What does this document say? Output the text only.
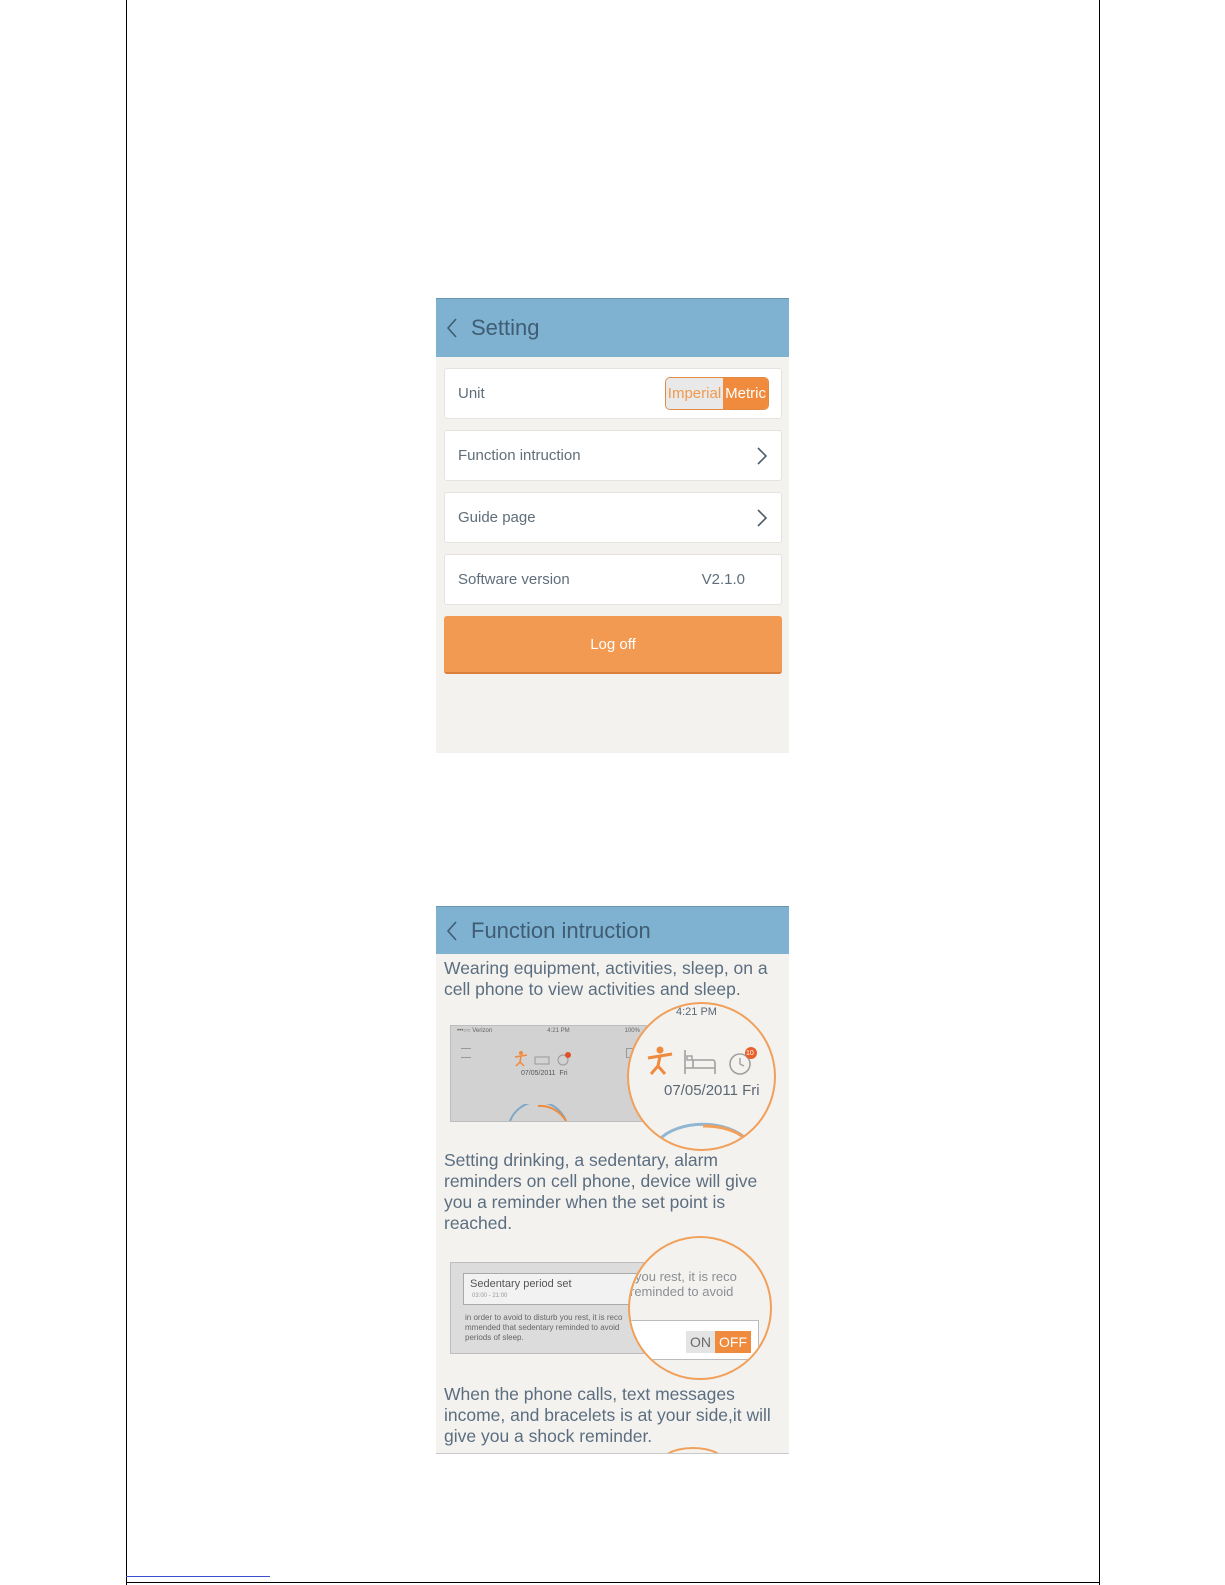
Setting
Unit	Imperial Metric
Function intruction
Guide page
Software version	V2.1.0
Log off
Function intruction

Wearing equipment, activities, sleep, on a cell phone to view activities and sleep.

•••○○ Verizon	4:21 PM	100%
07/05/2011 Fri
4:21 PM
10
07/05/2011 Fri

Setting drinking, a sedentary, alarm reminders on cell phone, device will give you a reminder when the set point is reached.

Sedentary period set
03:00 - 21:00
in order to avoid to disturb you rest, it is reco mmended that sedentary reminded to avoid periods of sleep.
you rest, it is reco
reminded to avoid
ON OFF

When the phone calls, text messages income, and bracelets is at your side,it will give you a shock reminder.
